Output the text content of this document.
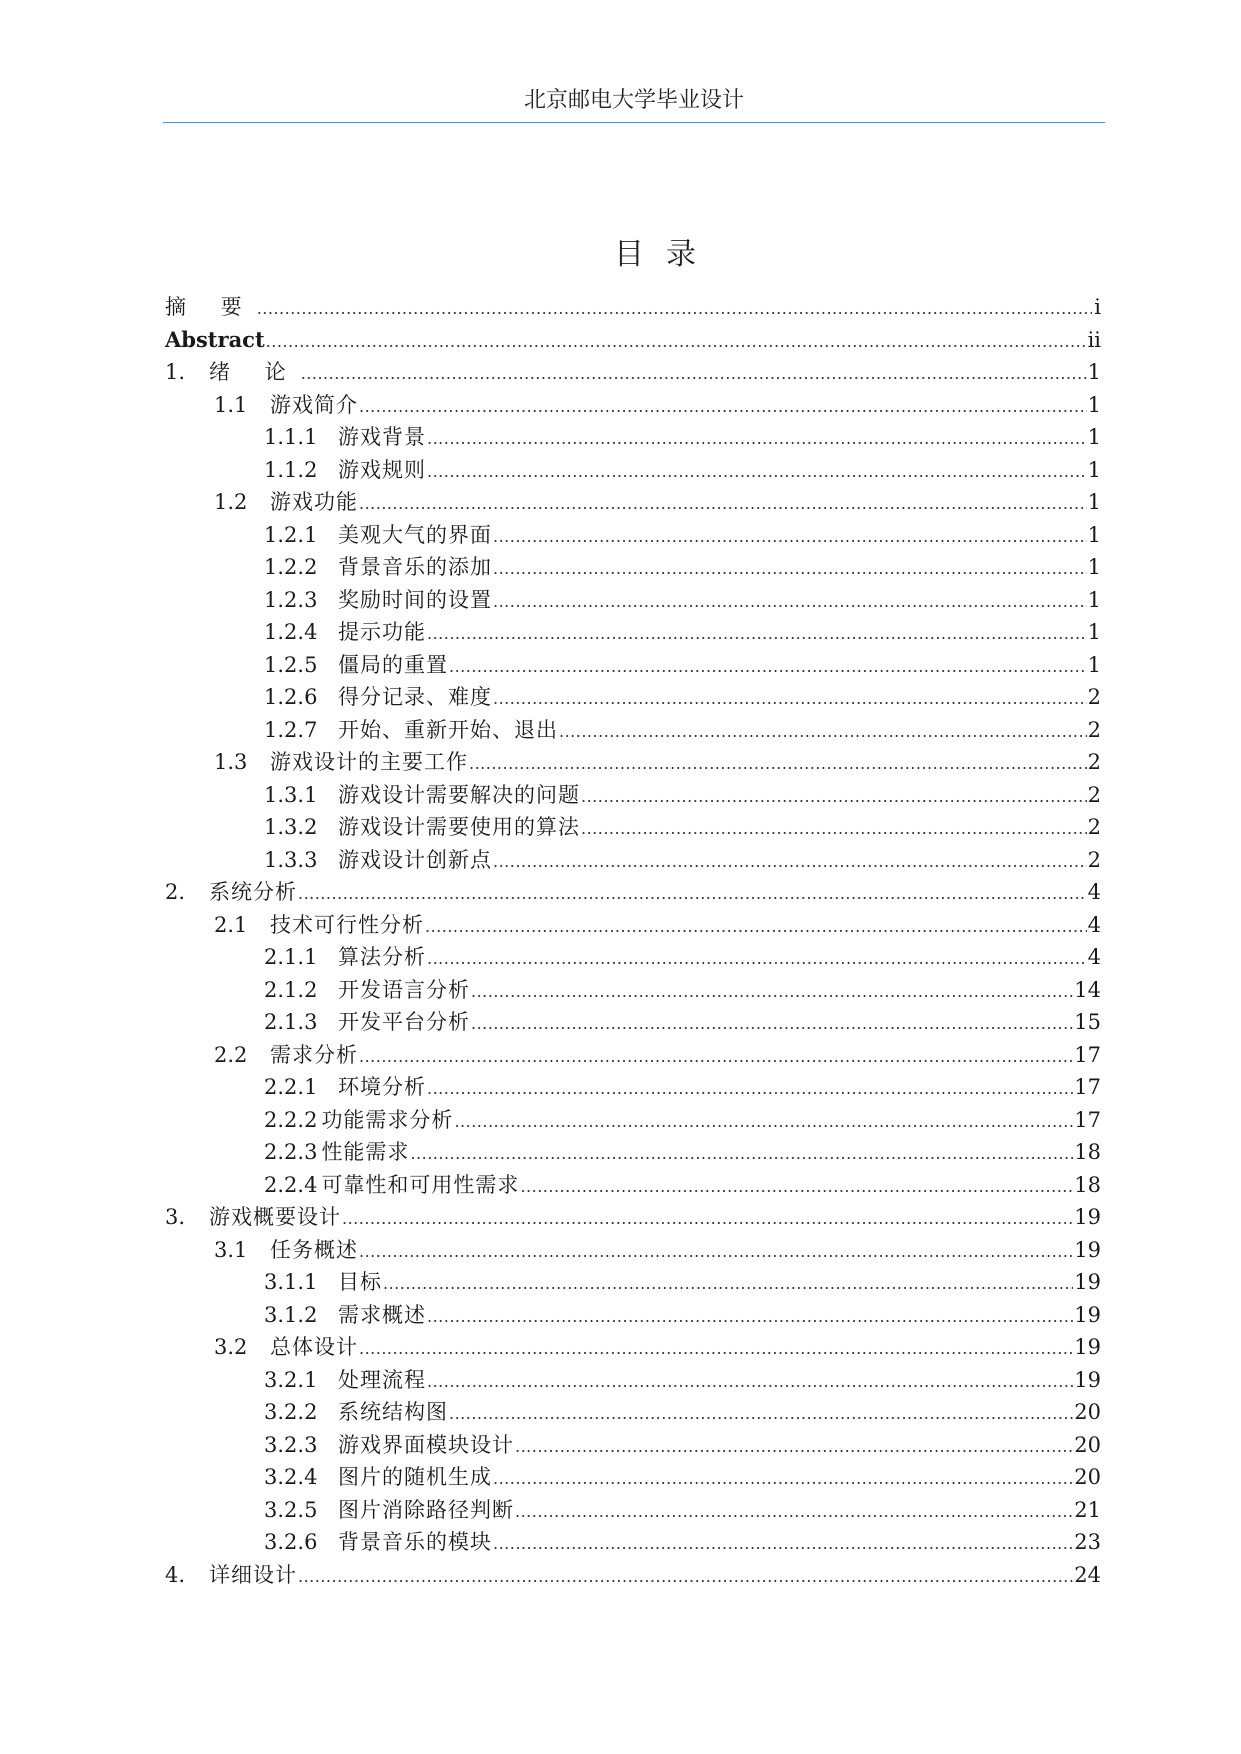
北京邮电大学毕业设计
目录
摘 要 .....	i
Abstract .....	ii
1.	绪 论 .....	1
1.1	游戏简介 .....	1
1.1.1 游戏背景 .....	1
1.1.2 游戏规则 .....	1
1.2	游戏功能 .....	1
1.2.1 美观大气的界面 .....	1
1.2.2 背景音乐的添加 .....	1
1.2.3 奖励时间的设置 .....	1
1.2.4 提示功能 .....	1
1.2.5 僵局的重置 .....	1
1.2.6 得分记录、难度 .....	2
1.2.7 开始、重新开始、退出 .....	2
1.3	游戏设计的主要工作 .....	2
1.3.1 游戏设计需要解决的问题 .....	2
1.3.2 游戏设计需要使用的算法 .....	2
1.3.3 游戏设计创新点 .....	2
2.	系统分析 .....	4
2.1	技术可行性分析 .....	4
2.1.1 算法分析 .....	4
2.1.2 开发语言分析 .....	14
2.1.3 开发平台分析 .....	15
2.2	需求分析 .....	17
2.2.1 环境分析 .....	17
2.2.2 功能需求分析 .....	17
2.2.3 性能需求 .....	18
2.2.4 可靠性和可用性需求 .....	18
3.	游戏概要设计 .....	19
3.1	任务概述 .....	19
3.1.1 目标 .....	19
3.1.2 需求概述 .....	19
3.2	总体设计 .....	19
3.2.1 处理流程 .....	19
3.2.2 系统结构图 .....	20
3.2.3 游戏界面模块设计 .....	20
3.2.4 图片的随机生成 .....	20
3.2.5 图片消除路径判断 .....	21
3.2.6 背景音乐的模块 .....	23
4.	详细设计 .....	24
